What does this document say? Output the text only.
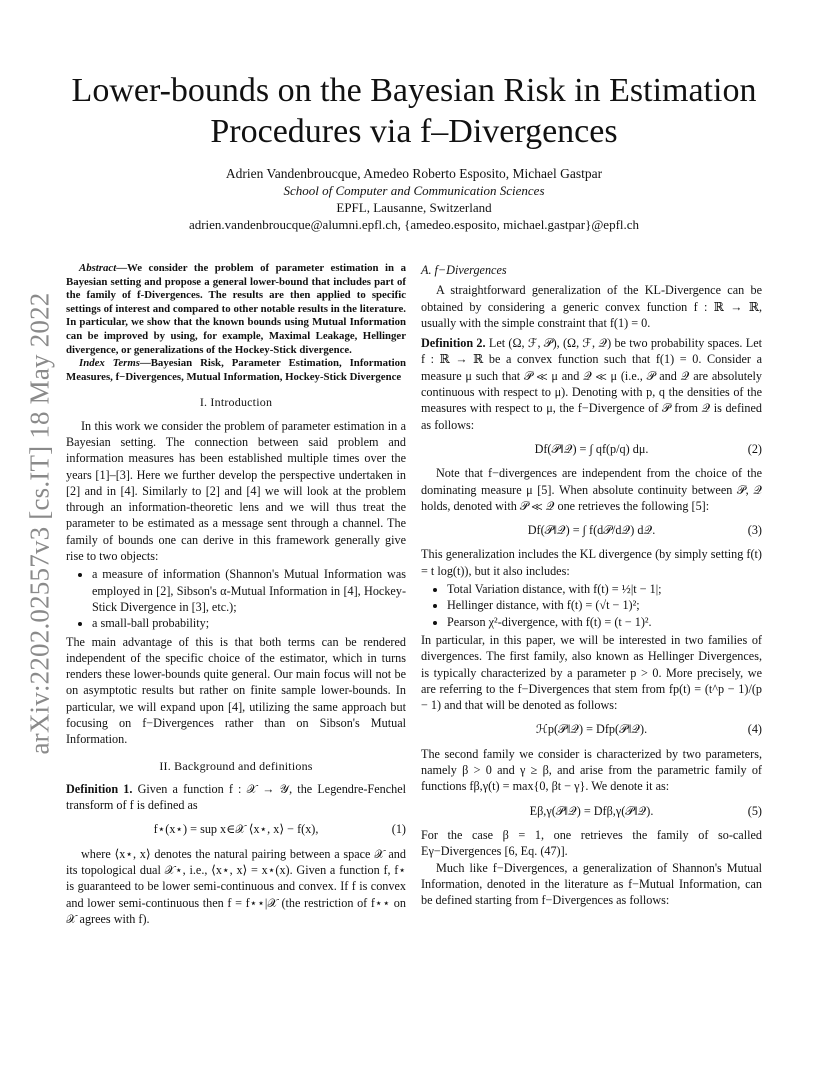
arXiv:2202.02557v3 [cs.IT] 18 May 2022
Lower-bounds on the Bayesian Risk in Estimation
Procedures via f–Divergences
Adrien Vandenbroucque, Amedeo Roberto Esposito, Michael Gastpar
School of Computer and Communication Sciences
EPFL, Lausanne, Switzerland
adrien.vandenbroucque@alumni.epfl.ch, {amedeo.esposito, michael.gastpar}@epfl.ch

Abstract—We consider the problem of parameter estimation in a Bayesian setting and propose a general lower-bound that includes part of the family of f-Divergences. The results are then applied to specific settings of interest and compared to other notable results in the literature. In particular, we show that the known bounds using Mutual Information can be improved by using, for example, Maximal Leakage, Hellinger divergence, or generalizations of the Hockey-Stick divergence.

Index Terms—Bayesian Risk, Parameter Estimation, Information Measures, f−Divergences, Mutual Information, Hockey-Stick Divergence

I. Introduction

In this work we consider the problem of parameter estimation in a Bayesian setting. The connection between said problem and information measures has been established multiple times over the years [1]–[3]. Here we further develop the perspective undertaken in [2] and in [4]. Similarly to [2] and [4] we will look at the problem through an information-theoretic lens and we will thus treat the parameter to be estimated as a message sent through a channel. The family of bounds one can derive in this framework generally give rise to two objects:

• a measure of information (Shannon's Mutual Information was employed in [2], Sibson's α-Mutual Information in [4], Hockey-Stick Divergence in [3], etc.);
• a small-ball probability;

The main advantage of this is that both terms can be rendered independent of the specific choice of the estimator, which in turns renders these lower-bounds quite general. Our main focus will not be on asymptotic results but rather on finite sample lower-bounds. In particular, we will expand upon [4], utilizing the same approach but focusing on f−Divergences rather than on Sibson's Mutual Information.

II. Background and definitions

Definition 1. Given a function f : 𝒳 → 𝒴, the Legendre-Fenchel transform of f is defined as

f⋆(x⋆) = sup x∈𝒳 ⟨x⋆, x⟩ − f(x),	(1)

where ⟨x⋆, x⟩ denotes the natural pairing between a space 𝒳 and its topological dual 𝒳⋆, i.e., ⟨x⋆, x⟩ = x⋆(x). Given a function f, f⋆ is guaranteed to be lower semi-continuous and convex. If f is convex and lower semi-continuous then f = f⋆⋆|𝒳 (the restriction of f⋆⋆ on 𝒳 agrees with f).

A. f−Divergences

A straightforward generalization of the KL-Divergence can be obtained by considering a generic convex function f : ℝ → ℝ, usually with the simple constraint that f(1) = 0.

Definition 2. Let (Ω, ℱ, 𝒫), (Ω, ℱ, 𝒬) be two probability spaces. Let f : ℝ → ℝ be a convex function such that f(1) = 0. Consider a measure μ such that 𝒫 ≪ μ and 𝒬 ≪ μ (i.e., 𝒫 and 𝒬 are absolutely continuous with respect to μ). Denoting with p, q the densities of the measures with respect to μ, the f−Divergence of 𝒫 from 𝒬 is defined as follows:

Df(𝒫‖𝒬) = ∫ qf(p/q) dμ.	(2)

Note that f−divergences are independent from the choice of the dominating measure μ [5]. When absolute continuity between 𝒫, 𝒬 holds, denoted with 𝒫 ≪ 𝒬 one retrieves the following [5]:

Df(𝒫‖𝒬) = ∫ f(d𝒫/d𝒬) d𝒬.	(3)

This generalization includes the KL divergence (by simply setting f(t) = t log(t)), but it also includes:

• Total Variation distance, with f(t) = ½|t − 1|;
• Hellinger distance, with f(t) = (√t − 1)²;
• Pearson χ²-divergence, with f(t) = (t − 1)².

In particular, in this paper, we will be interested in two families of divergences. The first family, also known as Hellinger Divergences, is typically characterized by a parameter p > 0. More precisely, we are referring to the f−Divergences that stem from fp(t) = (t^p − 1)/(p − 1) and that will be denoted as follows:

ℋp(𝒫‖𝒬) = Dfp(𝒫‖𝒬).	(4)

The second family we consider is characterized by two parameters, namely β > 0 and γ ≥ β, and arise from the parametric family of functions fβ,γ(t) = max{0, βt − γ}. We denote it as:

Eβ,γ(𝒫‖𝒬) = Dfβ,γ(𝒫‖𝒬).	(5)

For the case β = 1, one retrieves the family of so-called Eγ−Divergences [6, Eq. (47)].

Much like f−Divergences, a generalization of Shannon's Mutual Information, denoted in the literature as f−Mutual Information, can be defined starting from f−Divergences as follows:
